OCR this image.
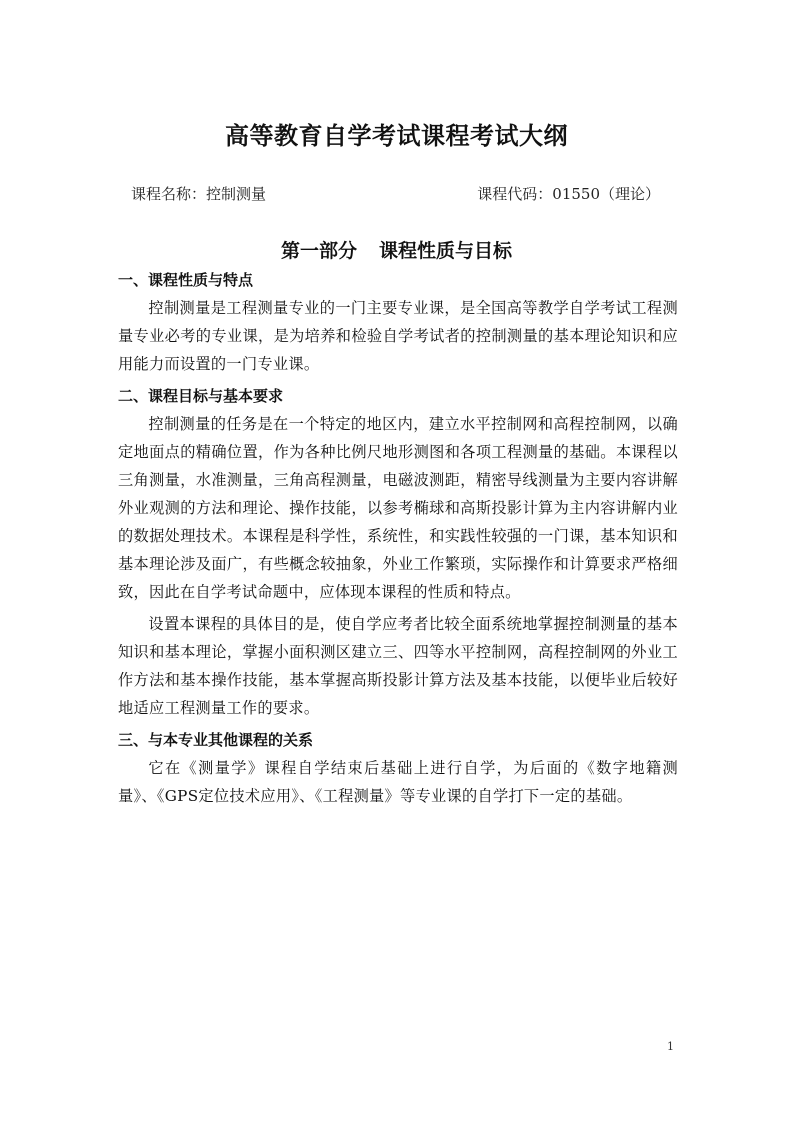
高等教育自学考试课程考试大纲
课程名称：控制测量	课程代码：01550（理论）
第一部分 课程性质与目标
一、课程性质与特点

控制测量是工程测量专业的一门主要专业课，是全国高等教学自学考试工程测量专业必考的专业课，是为培养和检验自学考试者的控制测量的基本理论知识和应用能力而设置的一门专业课。

二、课程目标与基本要求

控制测量的任务是在一个特定的地区内，建立水平控制网和高程控制网，以确定地面点的精确位置，作为各种比例尺地形测图和各项工程测量的基础。本课程以三角测量，水准测量，三角高程测量，电磁波测距，精密导线测量为主要内容讲解外业观测的方法和理论、操作技能，以参考椭球和高斯投影计算为主内容讲解内业的数据处理技术。本课程是科学性，系统性，和实践性较强的一门课，基本知识和基本理论涉及面广，有些概念较抽象，外业工作繁琐，实际操作和计算要求严格细致，因此在自学考试命题中，应体现本课程的性质和特点。

设置本课程的具体目的是，使自学应考者比较全面系统地掌握控制测量的基本知识和基本理论，掌握小面积测区建立三、四等水平控制网，高程控制网的外业工作方法和基本操作技能，基本掌握高斯投影计算方法及基本技能，以便毕业后较好地适应工程测量工作的要求。

三、与本专业其他课程的关系

它在《测量学》课程自学结束后基础上进行自学，为后面的《数字地籍测量》、《GPS定位技术应用》、《工程测量》等专业课的自学打下一定的基础。

1
